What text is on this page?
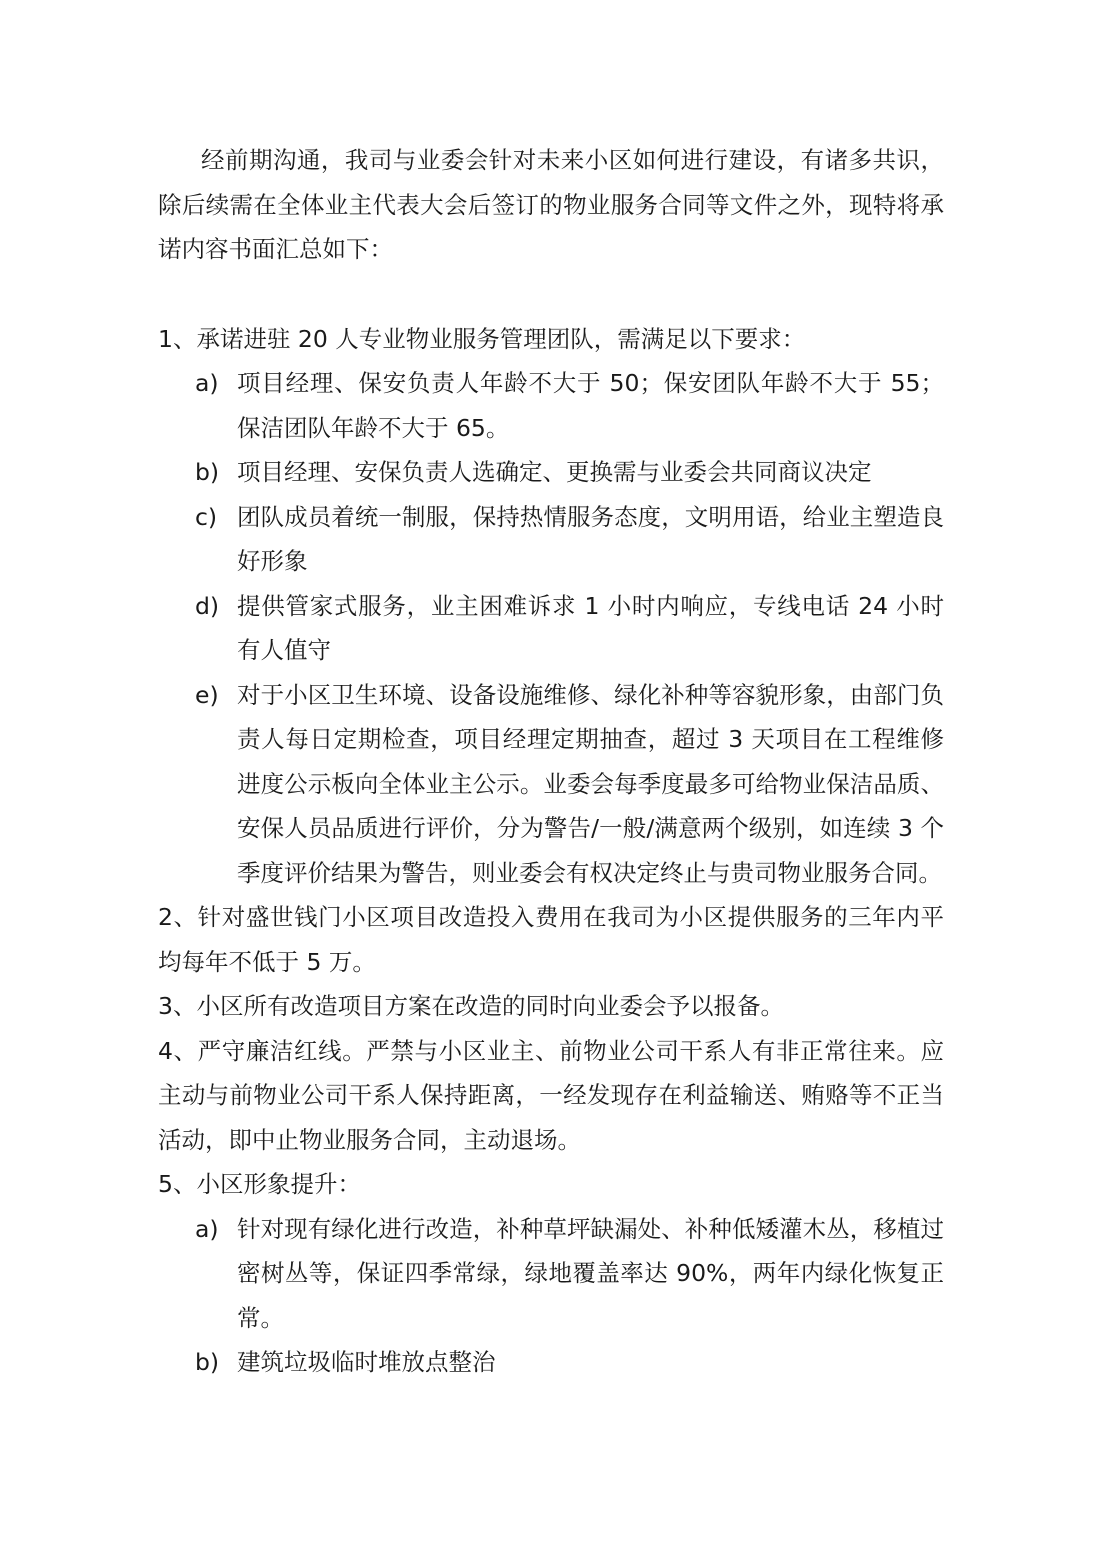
经前期沟通，我司与业委会针对未来小区如何进行建设，有诸多共识，除后续需在全体业主代表大会后签订的物业服务合同等文件之外，现特将承诺内容书面汇总如下：

1、承诺进驻 20 人专业物业服务管理团队，需满足以下要求：

a) 项目经理、保安负责人年龄不大于 50；保安团队年龄不大于 55；保洁团队年龄不大于 65。
b) 项目经理、安保负责人选确定、更换需与业委会共同商议决定
c) 团队成员着统一制服，保持热情服务态度，文明用语，给业主塑造良好形象
d) 提供管家式服务，业主困难诉求 1 小时内响应，专线电话 24 小时有人值守
e) 对于小区卫生环境、设备设施维修、绿化补种等容貌形象，由部门负责人每日定期检查，项目经理定期抽查，超过 3 天项目在工程维修进度公示板向全体业主公示。业委会每季度最多可给物业保洁品质、安保人员品质进行评价，分为警告/一般/满意两个级别，如连续 3 个季度评价结果为警告，则业委会有权决定终止与贵司物业服务合同。

2、针对盛世钱门小区项目改造投入费用在我司为小区提供服务的三年内平均每年不低于 5 万。

3、小区所有改造项目方案在改造的同时向业委会予以报备。

4、严守廉洁红线。严禁与小区业主、前物业公司干系人有非正常往来。应主动与前物业公司干系人保持距离，一经发现存在利益输送、贿赂等不正当活动，即中止物业服务合同，主动退场。

5、小区形象提升：

a) 针对现有绿化进行改造，补种草坪缺漏处、补种低矮灌木丛，移植过密树丛等，保证四季常绿，绿地覆盖率达 90%，两年内绿化恢复正常。
b) 建筑垃圾临时堆放点整治
